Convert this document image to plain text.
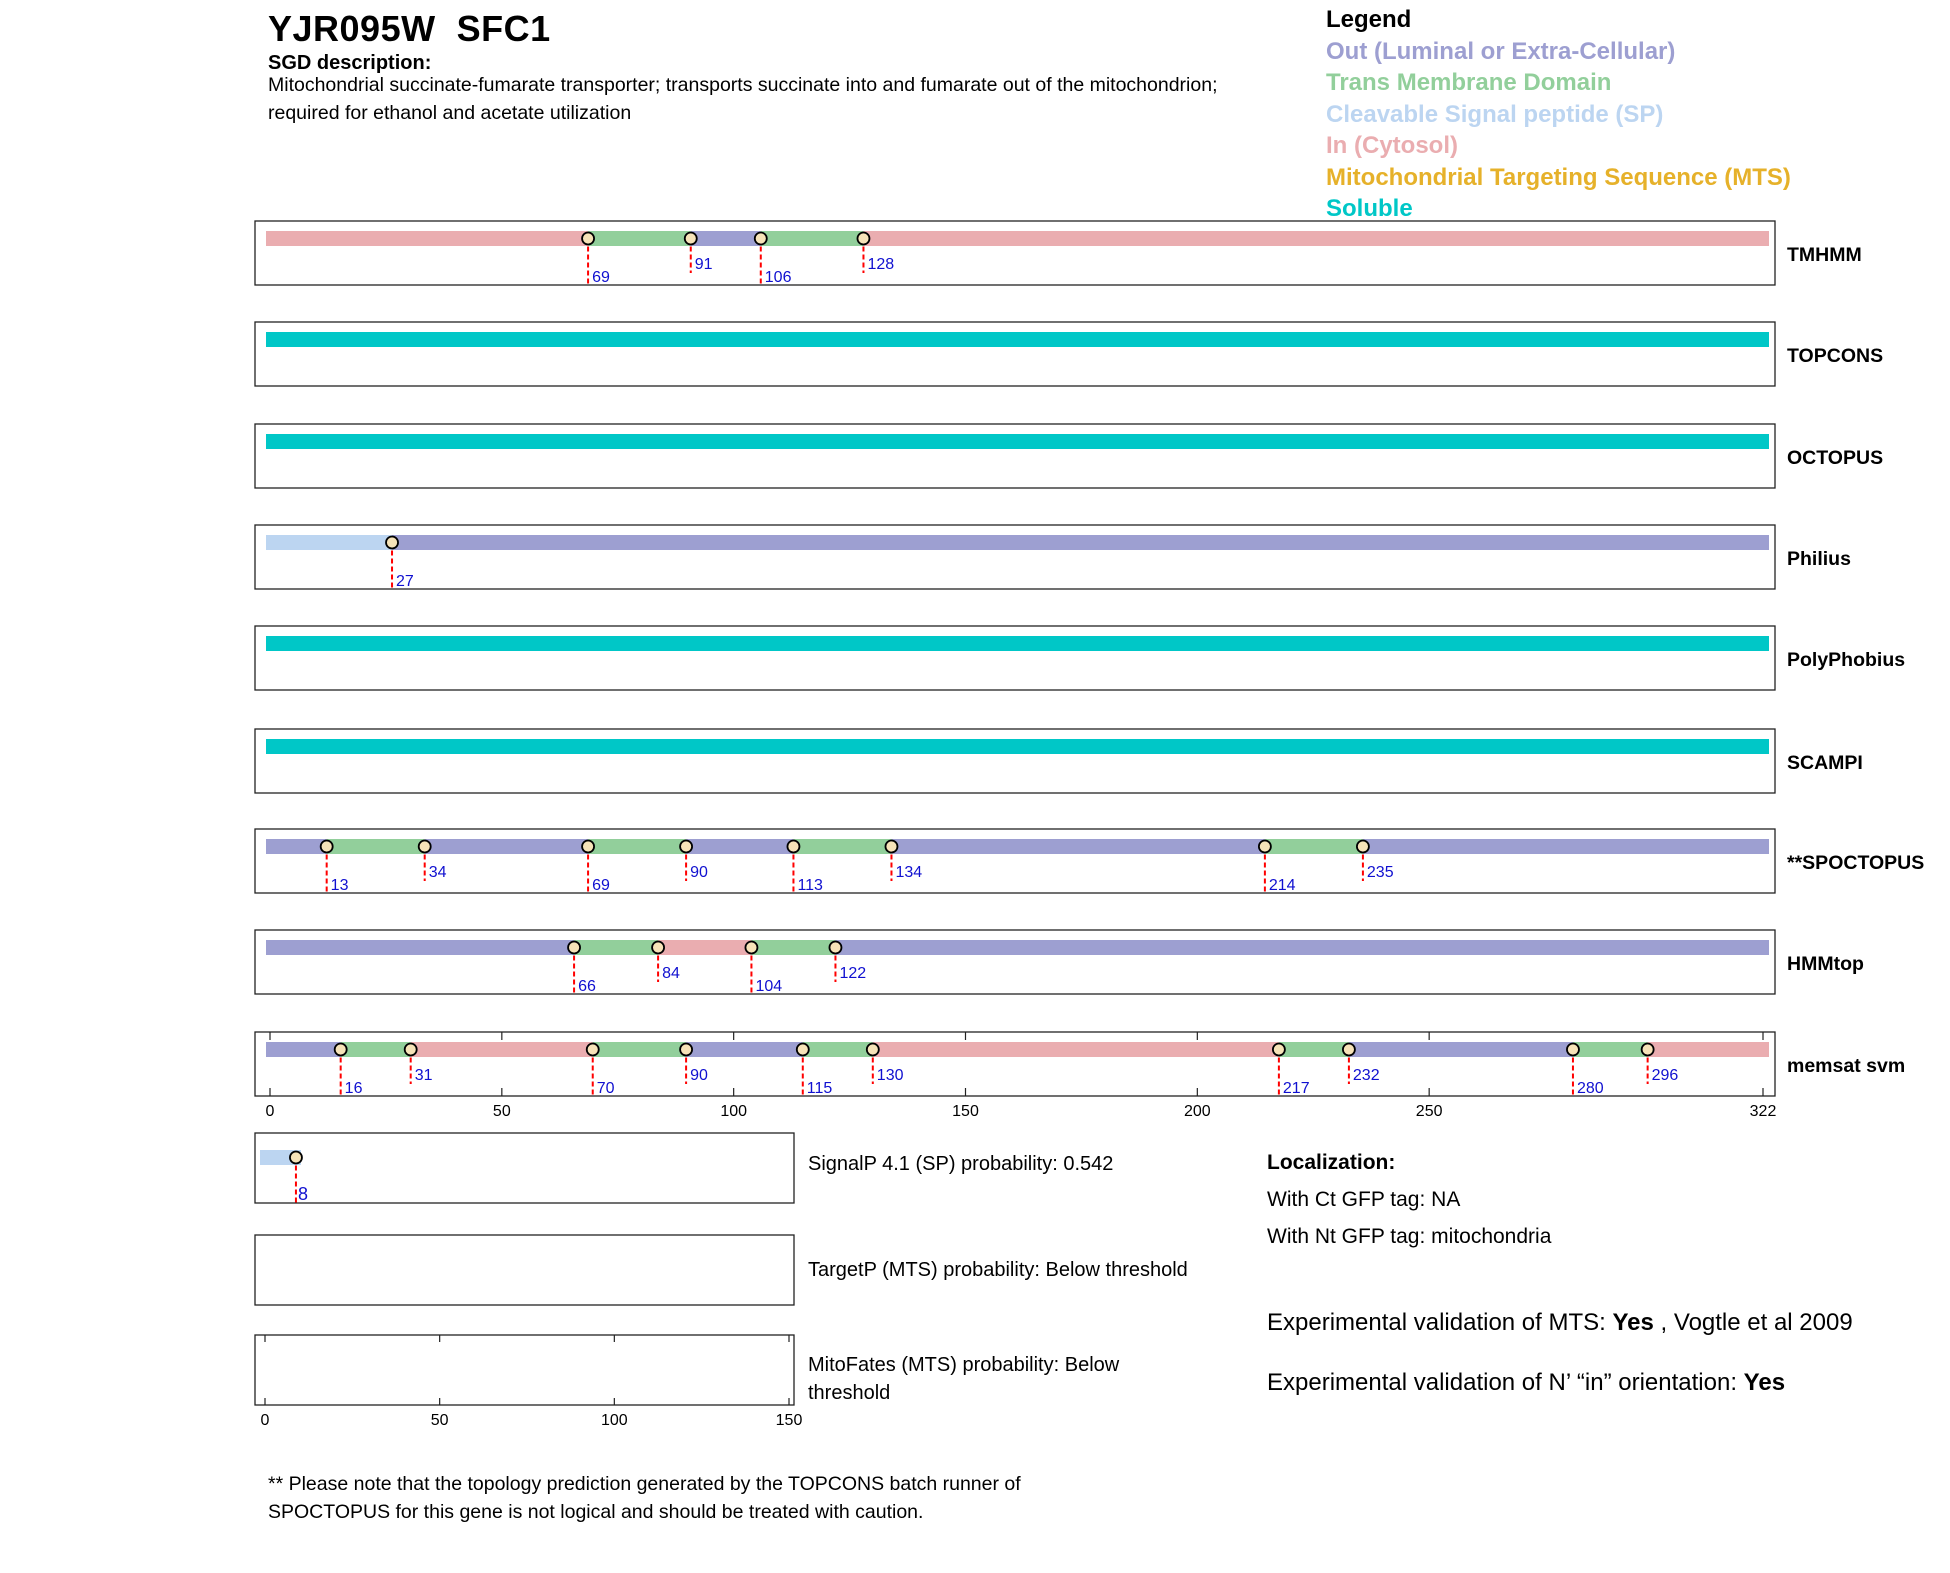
69
91
106
128	TMHMM
TOPCONS
OCTOPUS
27
Philius
PolyPhobius
SCAMPI
13
34
69
90
113
134
214
235	**SPOCTOPUS
66
84
104
122	HMMtop
16
31
70
90
115
130
217
232
280
296	memsat svm
0	50	100	150	200	250	322
8
0	50	100	150
YJR095W SFC1
SGD description:
Mitochondrial succinate-fumarate transporter; transports succinate into and fumarate out of the mitochondrion;
required for ethanol and acetate utilization
Legend
Out (Luminal or Extra-Cellular)
Trans Membrane Domain
Cleavable Signal peptide (SP)
In (Cytosol)
Mitochondrial Targeting Sequence (MTS)
Soluble
SignalP 4.1 (SP) probability: 0.542
TargetP (MTS) probability: Below threshold
MitoFates (MTS) probability: Below
threshold
Localization:
With Ct GFP tag: NA
With Nt GFP tag: mitochondria
Experimental validation of MTS: Yes , Vogtle et al 2009
Experimental validation of N’ “in” orientation: Yes
** Please note that the topology prediction generated by the TOPCONS batch runner of
SPOCTOPUS for this gene is not logical and should be treated with caution.
